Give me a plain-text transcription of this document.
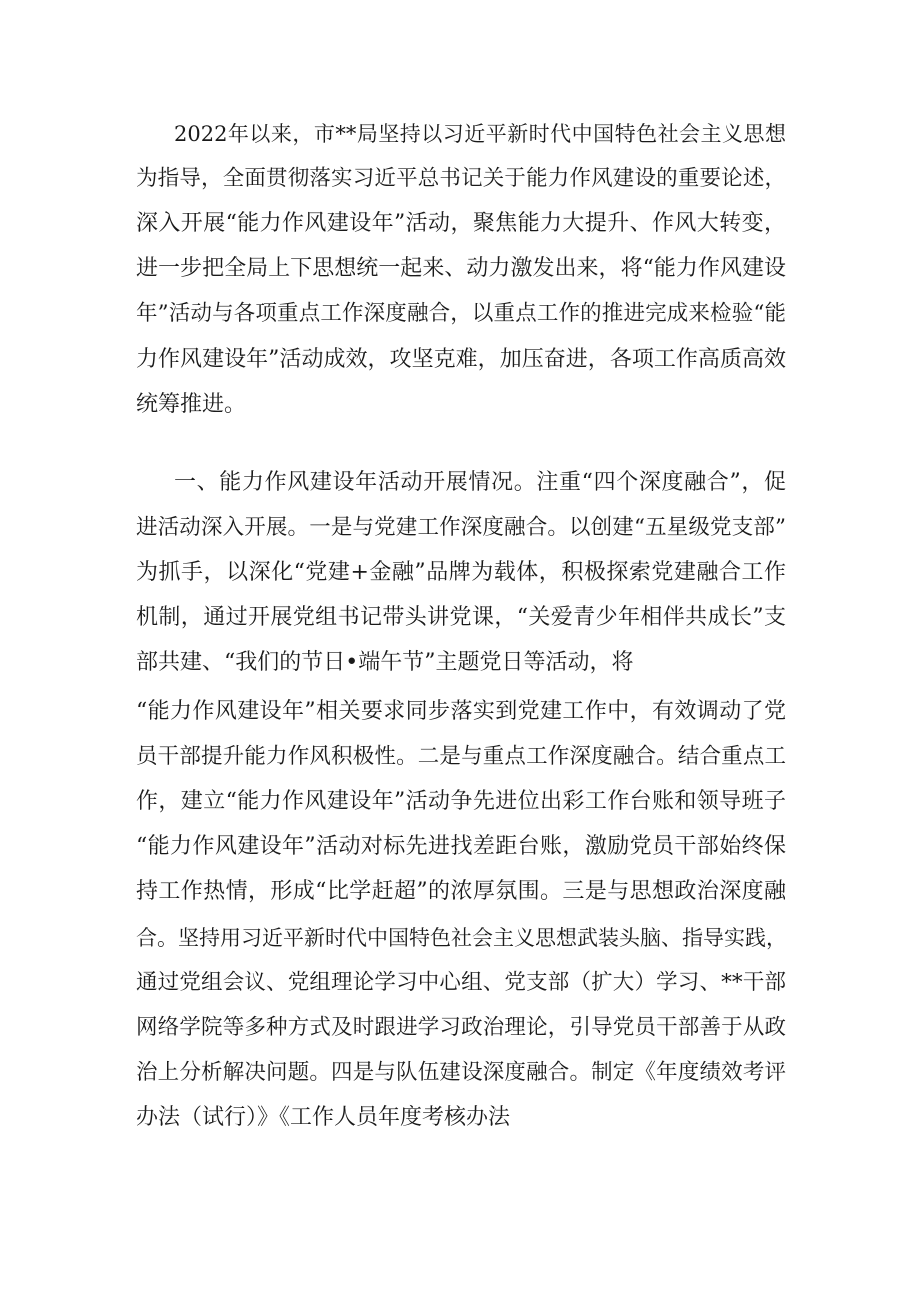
2022年以来，市**局坚持以习近平新时代中国特色社会主义思想
为指导，全面贯彻落实习近平总书记关于能力作风建设的重要论述，
深入开展“能力作风建设年”活动，聚焦能力大提升、作风大转变，
进一步把全局上下思想统一起来、动力激发出来，将“能力作风建设
年”活动与各项重点工作深度融合，以重点工作的推进完成来检验“能
力作风建设年”活动成效，攻坚克难，加压奋进，各项工作高质高效
统筹推进。
一、能力作风建设年活动开展情况。注重“四个深度融合”，促
进活动深入开展。一是与党建工作深度融合。以创建“五星级党支部”
为抓手，以深化“党建+金融”品牌为载体，积极探索党建融合工作
机制，通过开展党组书记带头讲党课，“关爱青少年相伴共成长”支
部共建、“我们的节日•端午节”主题党日等活动，将
“能力作风建设年”相关要求同步落实到党建工作中，有效调动了党
员干部提升能力作风积极性。二是与重点工作深度融合。结合重点工
作，建立“能力作风建设年”活动争先进位出彩工作台账和领导班子
“能力作风建设年”活动对标先进找差距台账，激励党员干部始终保
持工作热情，形成“比学赶超”的浓厚氛围。三是与思想政治深度融
合。坚持用习近平新时代中国特色社会主义思想武装头脑、指导实践，
通过党组会议、党组理论学习中心组、党支部（扩大）学习、**干部
网络学院等多种方式及时跟进学习政治理论，引导党员干部善于从政
治上分析解决问题。四是与队伍建设深度融合。制定《年度绩效考评
办法（试行）》《工作人员年度考核办法
